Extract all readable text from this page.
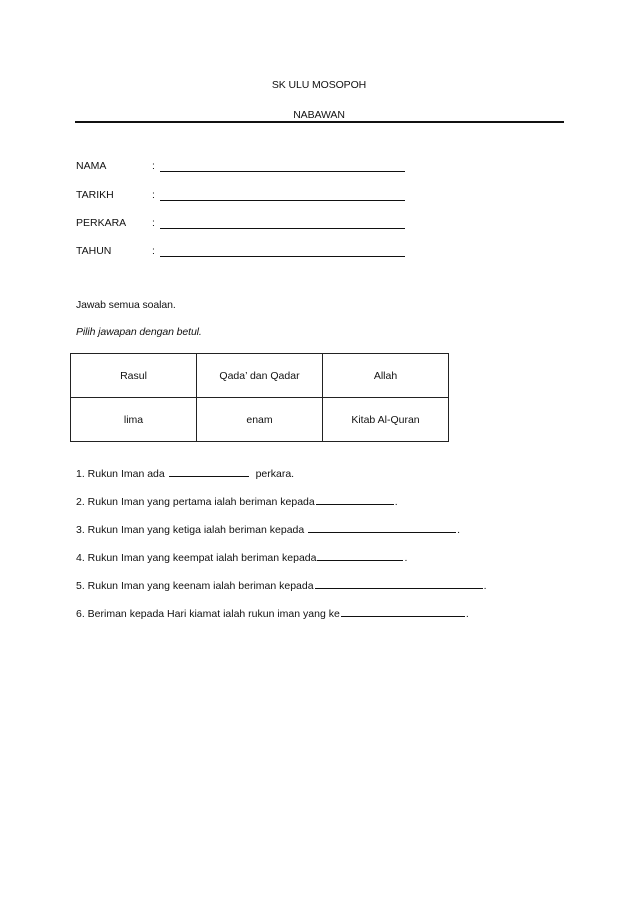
SK ULU MOSOPOH
NABAWAN
NAMA	:
TARIKH	:
PERKARA :
TAHUN	:
Jawab semua soalan.
Pilih jawapan dengan betul.
Rasul	Qada’ dan Qadar	Allah
lima	enam	Kitab Al-Quran
1. Rukun Iman ada	perkara.
2. Rukun Iman yang pertama ialah beriman kepada	.
3. Rukun Iman yang ketiga ialah beriman kepada	.
4. Rukun Iman yang keempat ialah beriman kepada	.
5. Rukun Iman yang keenam ialah beriman kepada	.
6. Beriman kepada Hari kiamat ialah rukun iman yang ke	.
